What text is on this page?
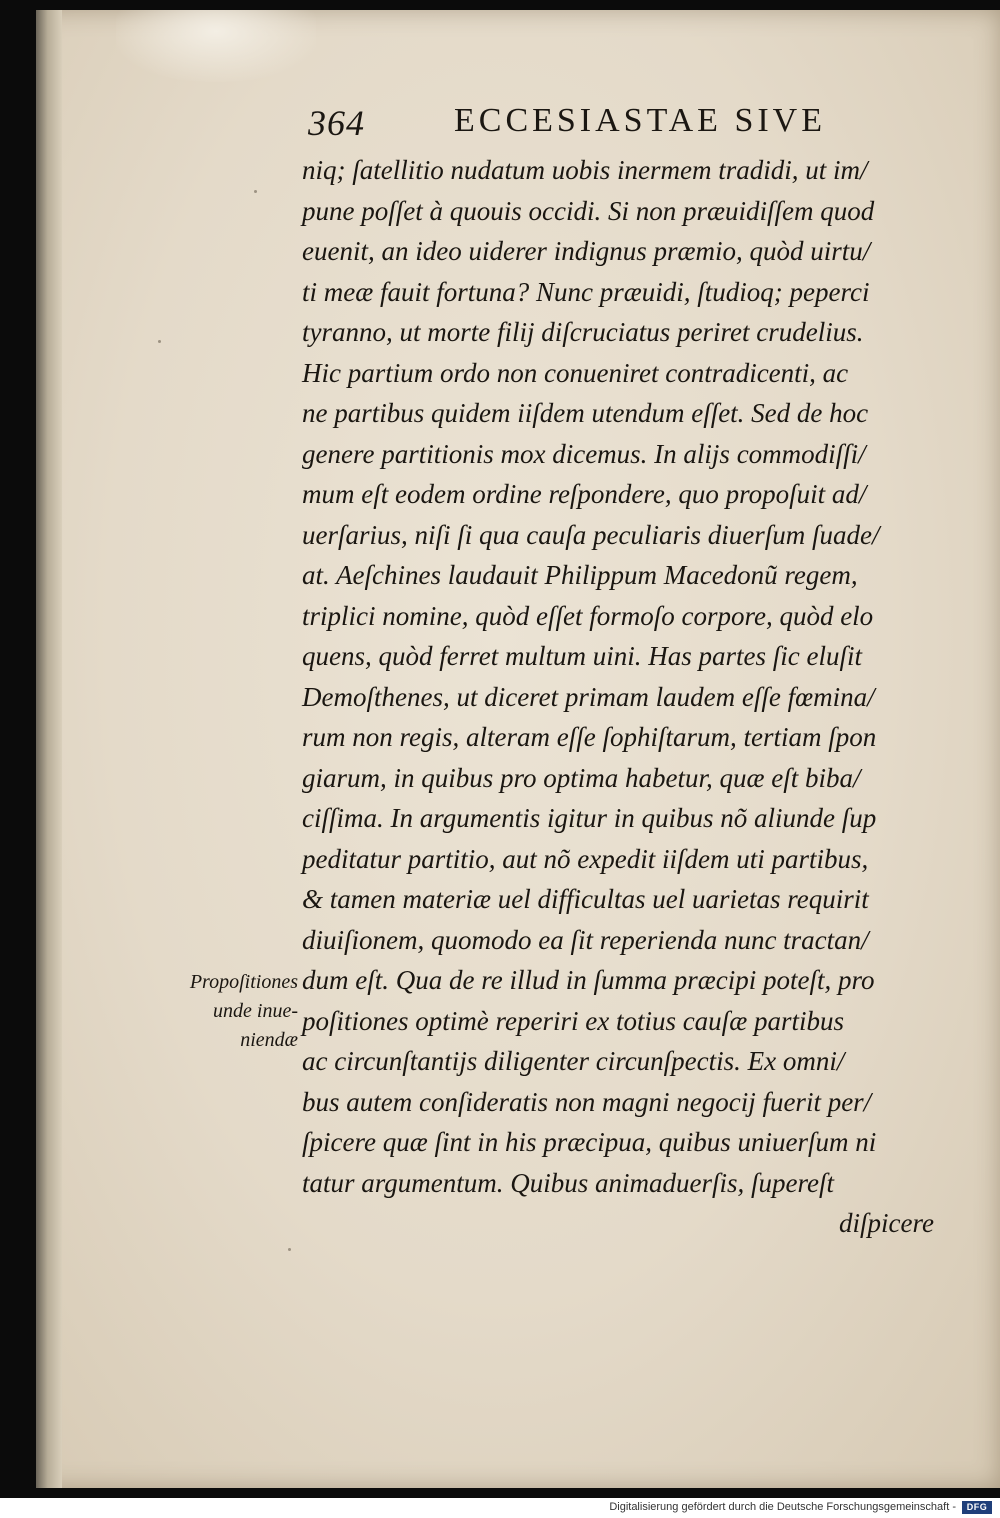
364	ECCESIASTAE SIVE
Propoſitiones
unde inue-
niendæ
niq; ſatellitio nudatum uobis inermem tradidi, ut im/
pune poſſet à quouis occidi. Si non præuidiſſem quod
euenit, an ideo uiderer indignus præmio, quòd uirtu/
ti meæ fauit fortuna? Nunc præuidi, ſtudioq; peperci
tyranno, ut morte filij diſcruciatus periret crudelius.
Hic partium ordo non conueniret contradicenti, ac
ne partibus quidem iiſdem utendum eſſet. Sed de hoc
genere partitionis mox dicemus. In alijs commodiſſi/
mum eſt eodem ordine reſpondere, quo propoſuit ad/
uerſarius, niſi ſi qua cauſa peculiaris diuerſum ſuade/
at. Aeſchines laudauit Philippum Macedonũ regem,
triplici nomine, quòd eſſet formoſo corpore, quòd elo
quens, quòd ferret multum uini. Has partes ſic eluſit
Demoſthenes, ut diceret primam laudem eſſe fœmina/
rum non regis, alteram eſſe ſophiſtarum, tertiam ſpon
giarum, in quibus pro optima habetur, quæ eſt biba/
ciſſima. In argumentis igitur in quibus nõ aliunde ſup
peditatur partitio, aut nõ expedit iiſdem uti partibus,
& tamen materiæ uel difficultas uel uarietas requirit
diuiſionem, quomodo ea ſit reperienda nunc tractan/
dum eſt. Qua de re illud in ſumma præcipi poteſt, pro
poſitiones optimè reperiri ex totius cauſæ partibus
ac circunſtantijs diligenter circunſpectis. Ex omni/
bus autem conſideratis non magni negocij fuerit per/
ſpicere quæ ſint in his præcipua, quibus uniuerſum ni
tatur argumentum. Quibus animaduerſis, ſupereſt
diſpicere
Digitalisierung gefördert durch die Deutsche Forschungsgemeinschaft -	DFG
